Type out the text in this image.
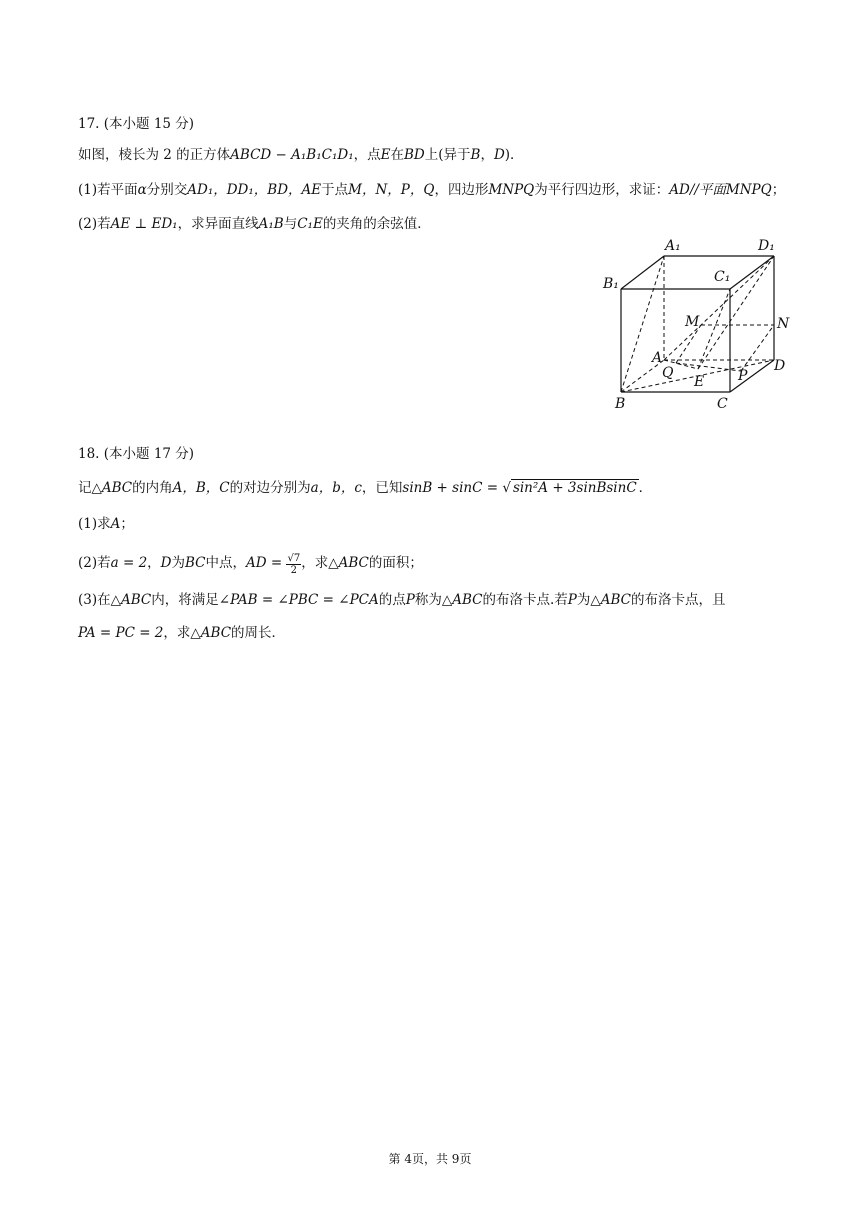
17. (本小题 15 分)
如图，棱长为 2 的正方体ABCD − A₁B₁C₁D₁，点E在BD上(异于B，D)．
(1)若平面α分别交AD₁，DD₁，BD，AE于点M，N，P，Q，四边形MNPQ为平行四边形，求证：AD//平面MNPQ；
(2)若AE ⊥ ED₁，求异面直线A₁B与C₁E的夹角的余弦值．
A₁	D₁
B₁	C₁
M	N
A	D
Q
E P
B	C
18. (本小题 17 分)
记△ABC的内角A，B，C的对边分别为a，b，c，已知sinB + sinC = √ sin²A + 3sinBsinC ．
(1)求A；
(2)若a = 2，D为BC中点，AD = $\frac{√7}{2}$ ，求△ABC的面积；
(3)在△ABC内，将满足∠PAB = ∠PBC = ∠PCA的点P称为△ABC的布洛卡点.若P为△ABC的布洛卡点，且
PA = PC = 2，求△ABC的周长．
第 4页，共 9页
